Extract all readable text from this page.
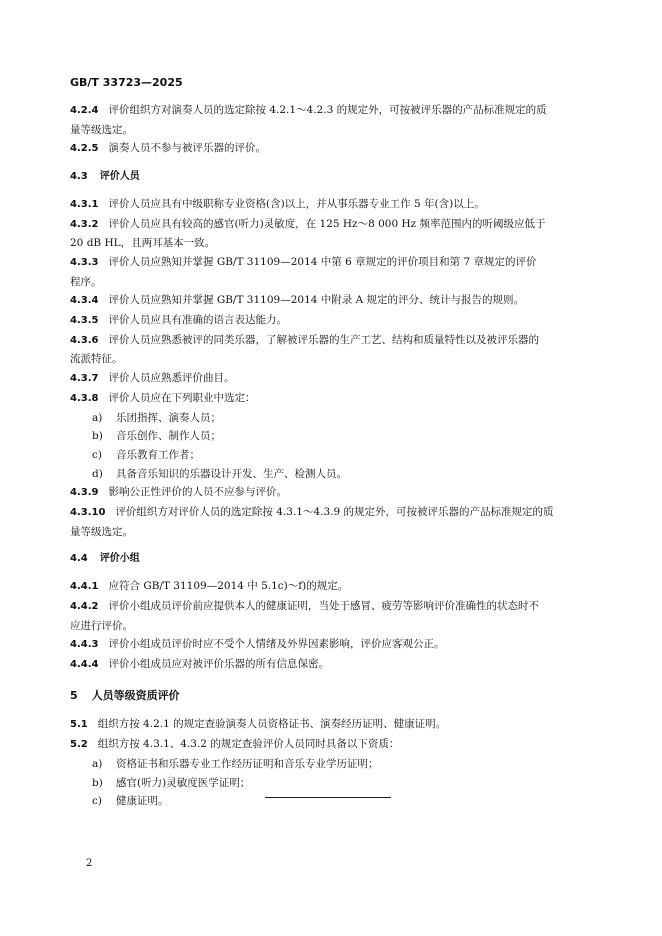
GB/T 33723—2025

4.2.4 评价组织方对演奏人员的选定除按 4.2.1～4.2.3 的规定外，可按被评乐器的产品标准规定的质

量等级选定。

4.2.5 演奏人员不参与被评乐器的评价。

4.3 评价人员

4.3.1 评价人员应具有中级职称专业资格(含)以上，并从事乐器专业工作 5 年(含)以上。

4.3.2 评价人员应具有较高的感官(听力)灵敏度，在 125 Hz～8 000 Hz 频率范围内的听阈级应低于

20 dB HL，且两耳基本一致。

4.3.3 评价人员应熟知并掌握 GB/T 31109—2014 中第 6 章规定的评价项目和第 7 章规定的评价

程序。

4.3.4 评价人员应熟知并掌握 GB/T 31109—2014 中附录 A 规定的评分、统计与报告的规则。

4.3.5 评价人员应具有准确的语言表达能力。

4.3.6 评价人员应熟悉被评的同类乐器，了解被评乐器的生产工艺、结构和质量特性以及被评乐器的

流派特征。

4.3.7 评价人员应熟悉评价曲目。

4.3.8 评价人员应在下列职业中选定：

a) 乐团指挥、演奏人员；

b) 音乐创作、制作人员；

c) 音乐教育工作者；

d) 具备音乐知识的乐器设计开发、生产、检测人员。

4.3.9 影响公正性评价的人员不应参与评价。

4.3.10 评价组织方对评价人员的选定除按 4.3.1～4.3.9 的规定外，可按被评乐器的产品标准规定的质

量等级选定。

4.4 评价小组

4.4.1 应符合 GB/T 31109—2014 中 5.1c)～f)的规定。

4.4.2 评价小组成员评价前应提供本人的健康证明，当处于感冒、疲劳等影响评价准确性的状态时不

应进行评价。

4.4.3 评价小组成员评价时应不受个人情绪及外界因素影响，评价应客观公正。

4.4.4 评价小组成员应对被评价乐器的所有信息保密。

5 人员等级资质评价

5.1 组织方按 4.2.1 的规定查验演奏人员资格证书、演奏经历证明、健康证明。

5.2 组织方按 4.3.1、4.3.2 的规定查验评价人员同时具备以下资质：

a) 资格证书和乐器专业工作经历证明和音乐专业学历证明；

b) 感官(听力)灵敏度医学证明；

c) 健康证明。

2
